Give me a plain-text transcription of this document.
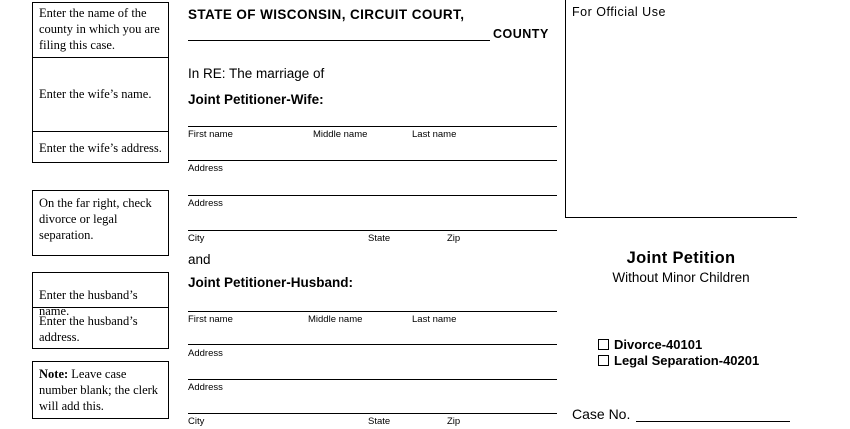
Enter the name of the county in which you are filing this case.
Enter the wife’s name.
Enter the wife’s address.
On the far right, check divorce or legal separation.
Enter the husband’s name.
Enter the husband’s address.
Note: Leave case number blank; the clerk will add this.
STATE OF WISCONSIN, CIRCUIT COURT,
COUNTY
For Official Use
In RE: The marriage of
Joint Petitioner-Wife:
First name	Middle name	Last name
Address
Address
City	State	Zip
and
Joint Petitioner-Husband:
First name	Middle name	Last name
Address
Address
City	State	Zip
Joint Petition
Without Minor Children
Divorce-40101
Legal Separation-40201
Case No.
